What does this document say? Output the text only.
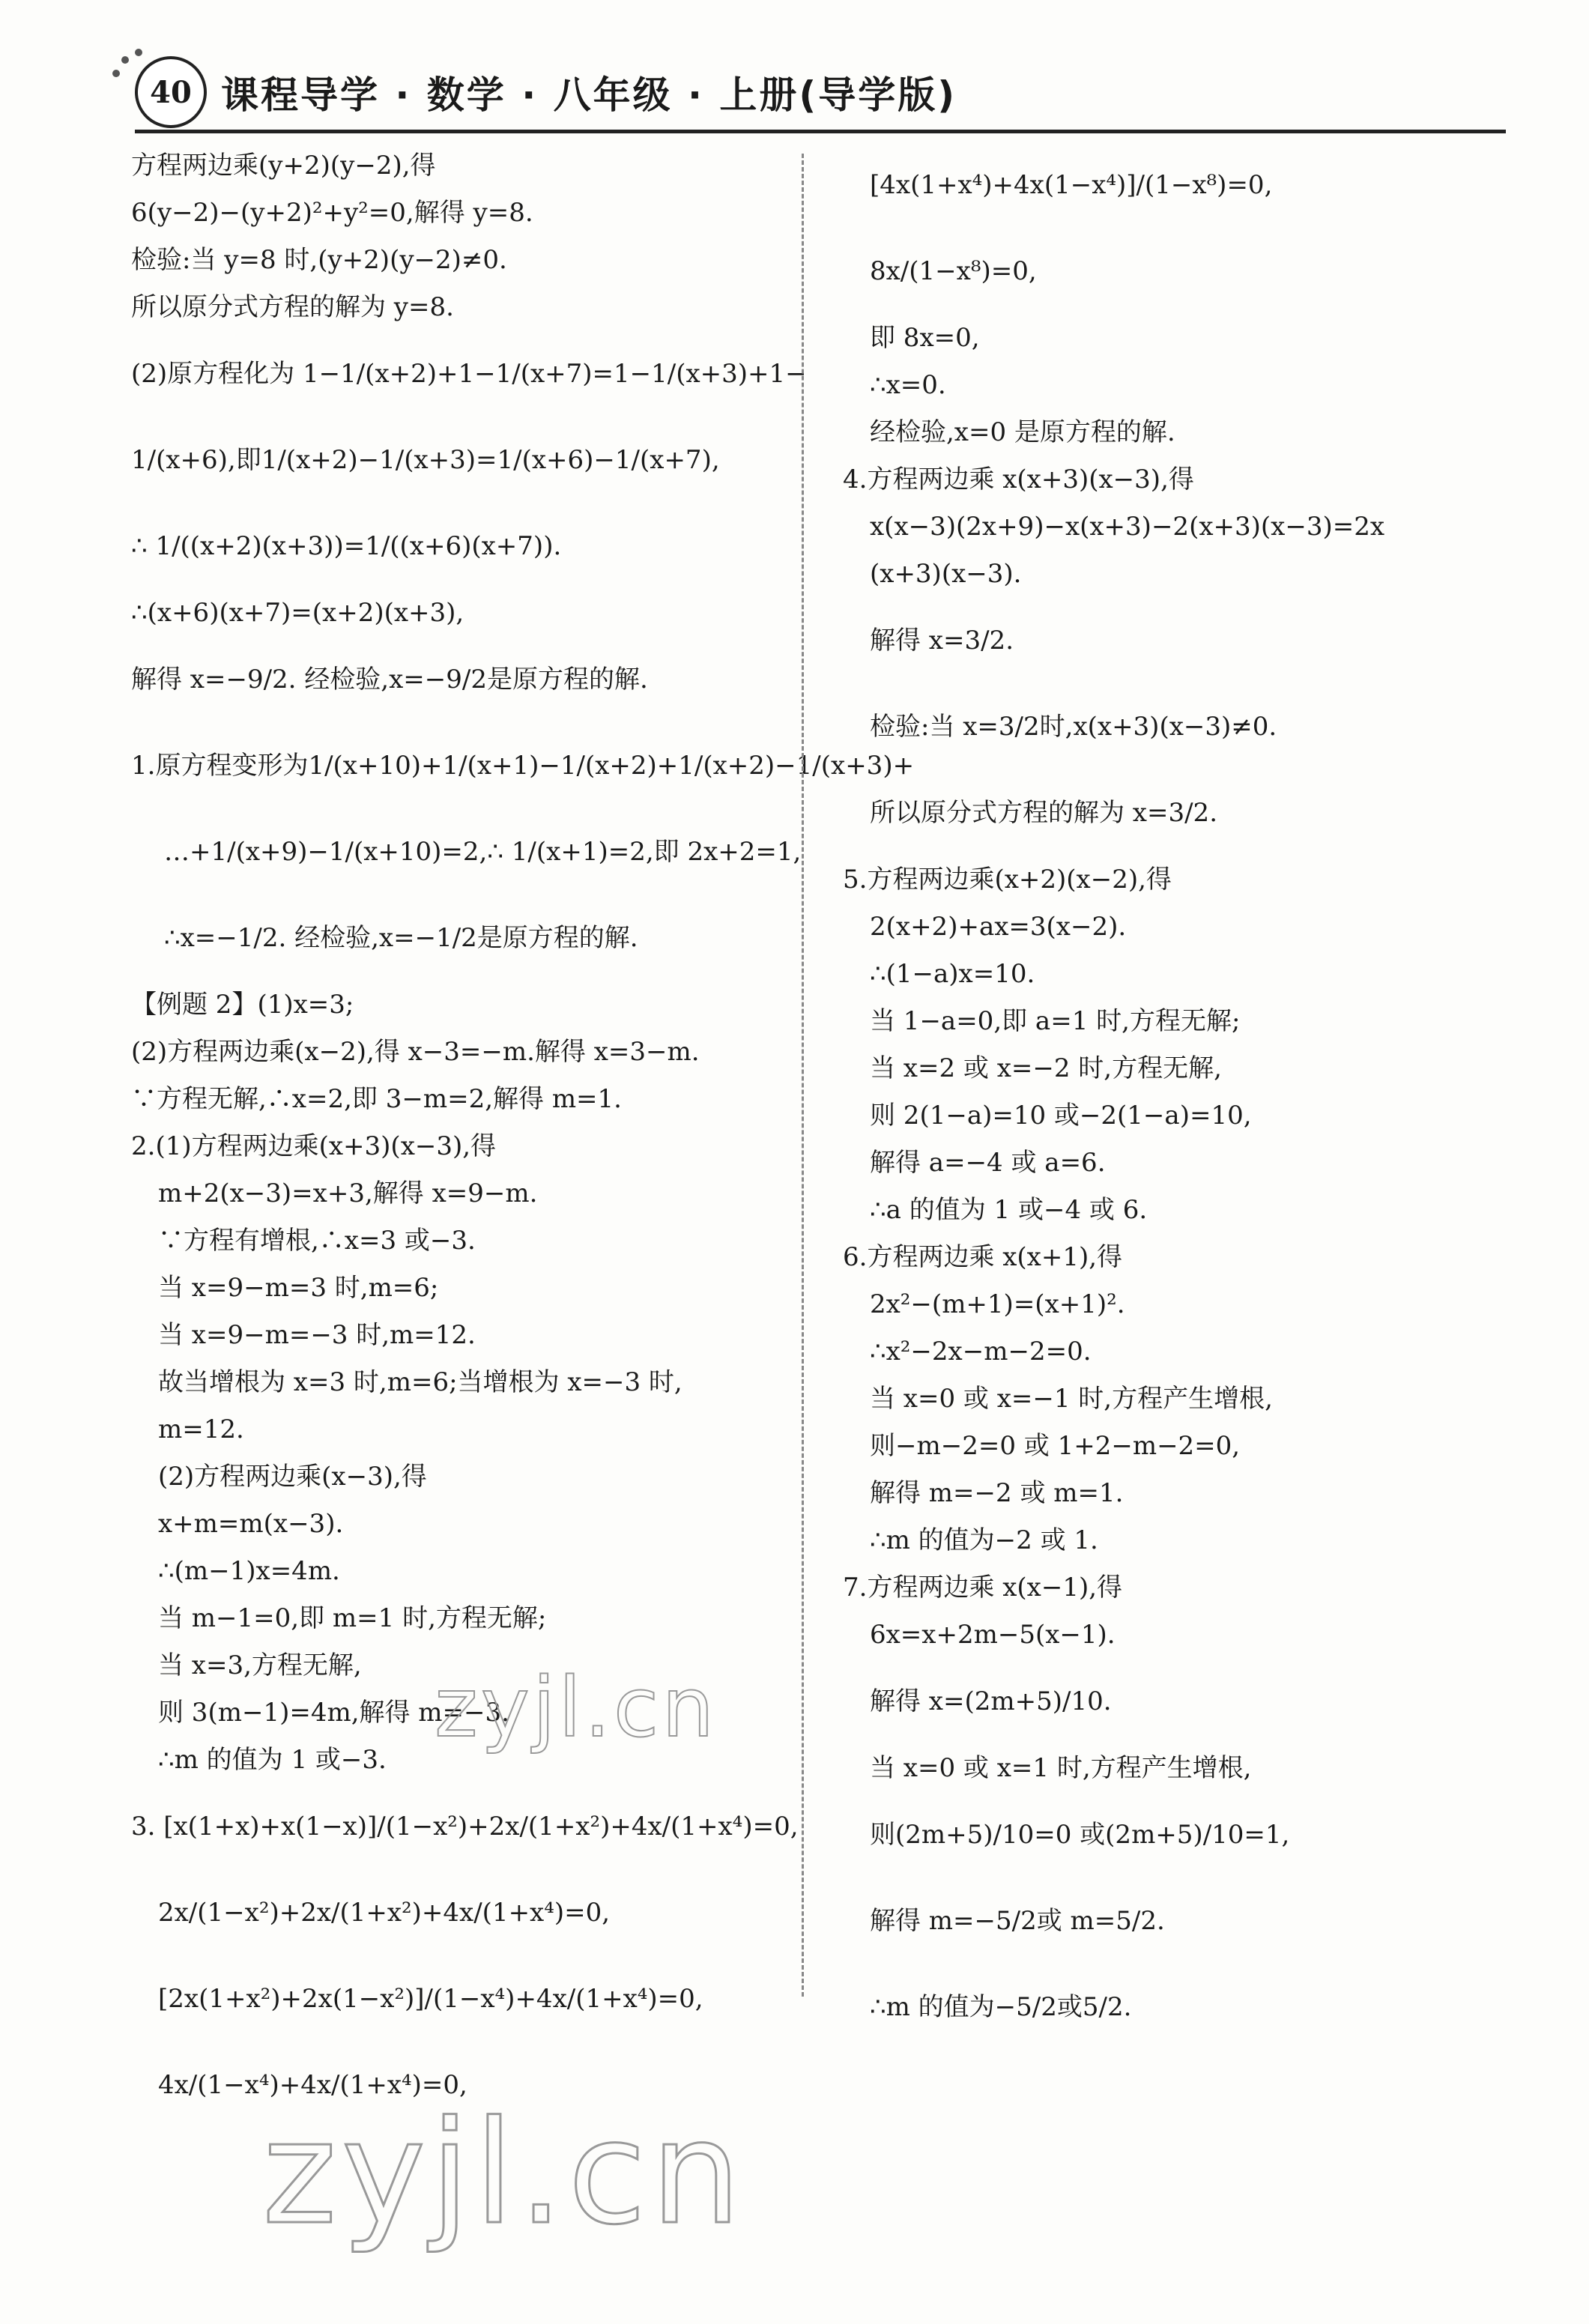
40 课程导学 · 数学 · 八年级 · 上册(导学版)
方程两边乘(y+2)(y−2),得
6(y−2)−(y+2)²+y²=0,解得 y=8.
检验:当 y=8 时,(y+2)(y−2)≠0.
所以原分式方程的解为 y=8.
(2)原方程化为 1−1/(x+2)+1−1/(x+7)=1−1/(x+3)+1−
1/(x+6),即1/(x+2)−1/(x+3)=1/(x+6)−1/(x+7),
∴ 1/((x+2)(x+3))=1/((x+6)(x+7)).
∴(x+6)(x+7)=(x+2)(x+3),
解得 x=−9/2. 经检验,x=−9/2是原方程的解.
1.原方程变形为1/(x+10)+1/(x+1)−1/(x+2)+1/(x+2)−1/(x+3)+
…+1/(x+9)−1/(x+10)=2,∴ 1/(x+1)=2,即 2x+2=1,
∴x=−1/2. 经检验,x=−1/2是原方程的解.
【例题 2】(1)x=3;
(2)方程两边乘(x−2),得 x−3=−m.解得 x=3−m.
∵方程无解,∴x=2,即 3−m=2,解得 m=1.
2.(1)方程两边乘(x+3)(x−3),得
m+2(x−3)=x+3,解得 x=9−m.
∵方程有增根,∴x=3 或−3.
当 x=9−m=3 时,m=6;
当 x=9−m=−3 时,m=12.
故当增根为 x=3 时,m=6;当增根为 x=−3 时,
m=12.
(2)方程两边乘(x−3),得
x+m=m(x−3).
∴(m−1)x=4m.
当 m−1=0,即 m=1 时,方程无解;
当 x=3,方程无解,
则 3(m−1)=4m,解得 m=−3.
∴m 的值为 1 或−3.
3. [x(1+x)+x(1−x)]/(1−x²)+2x/(1+x²)+4x/(1+x⁴)=0,
2x/(1−x²)+2x/(1+x²)+4x/(1+x⁴)=0,
[2x(1+x²)+2x(1−x²)]/(1−x⁴)+4x/(1+x⁴)=0,
4x/(1−x⁴)+4x/(1+x⁴)=0,
[4x(1+x⁴)+4x(1−x⁴)]/(1−x⁸)=0,
8x/(1−x⁸)=0,
即 8x=0,
∴x=0.
经检验,x=0 是原方程的解.
4.方程两边乘 x(x+3)(x−3),得
x(x−3)(2x+9)−x(x+3)−2(x+3)(x−3)=2x
(x+3)(x−3).
解得 x=3/2.
检验:当 x=3/2时,x(x+3)(x−3)≠0.
所以原分式方程的解为 x=3/2.
5.方程两边乘(x+2)(x−2),得
2(x+2)+ax=3(x−2).
∴(1−a)x=10.
当 1−a=0,即 a=1 时,方程无解;
当 x=2 或 x=−2 时,方程无解,
则 2(1−a)=10 或−2(1−a)=10,
解得 a=−4 或 a=6.
∴a 的值为 1 或−4 或 6.
6.方程两边乘 x(x+1),得
2x²−(m+1)=(x+1)².
∴x²−2x−m−2=0.
当 x=0 或 x=−1 时,方程产生增根,
则−m−2=0 或 1+2−m−2=0,
解得 m=−2 或 m=1.
∴m 的值为−2 或 1.
7.方程两边乘 x(x−1),得
6x=x+2m−5(x−1).
解得 x=(2m+5)/10.
当 x=0 或 x=1 时,方程产生增根,
则(2m+5)/10=0 或(2m+5)/10=1,
解得 m=−5/2或 m=5/2.
∴m 的值为−5/2或5/2.
zyjl.cn
zyjl.cn
